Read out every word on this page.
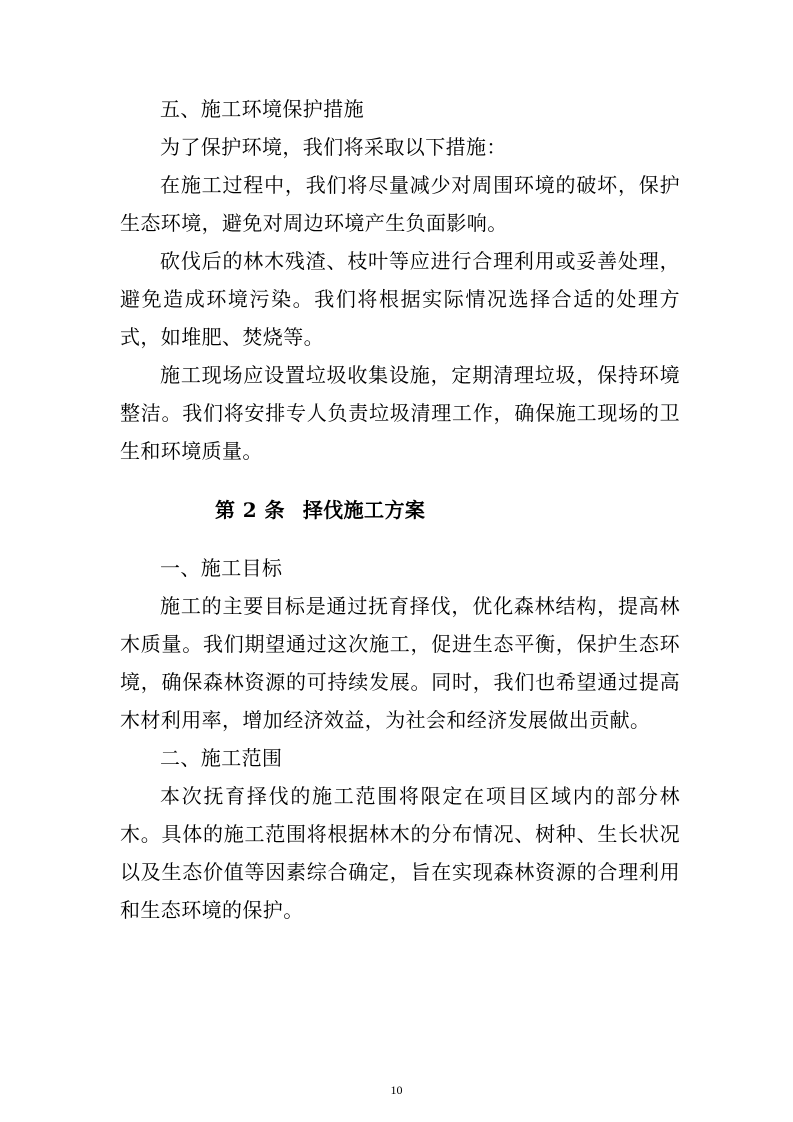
五、施工环境保护措施

为了保护环境，我们将采取以下措施：

在施工过程中，我们将尽量减少对周围环境的破坏，保护生态环境，避免对周边环境产生负面影响。

砍伐后的林木残渣、枝叶等应进行合理利用或妥善处理，避免造成环境污染。我们将根据实际情况选择合适的处理方式，如堆肥、焚烧等。

施工现场应设置垃圾收集设施，定期清理垃圾，保持环境整洁。我们将安排专人负责垃圾清理工作，确保施工现场的卫生和环境质量。

第 2 条 择伐施工方案

一、施工目标

施工的主要目标是通过抚育择伐，优化森林结构，提高林木质量。我们期望通过这次施工，促进生态平衡，保护生态环境，确保森林资源的可持续发展。同时，我们也希望通过提高木材利用率，增加经济效益，为社会和经济发展做出贡献。

二、施工范围

本次抚育择伐的施工范围将限定在项目区域内的部分林木。具体的施工范围将根据林木的分布情况、树种、生长状况以及生态价值等因素综合确定，旨在实现森林资源的合理利用和生态环境的保护。

10
